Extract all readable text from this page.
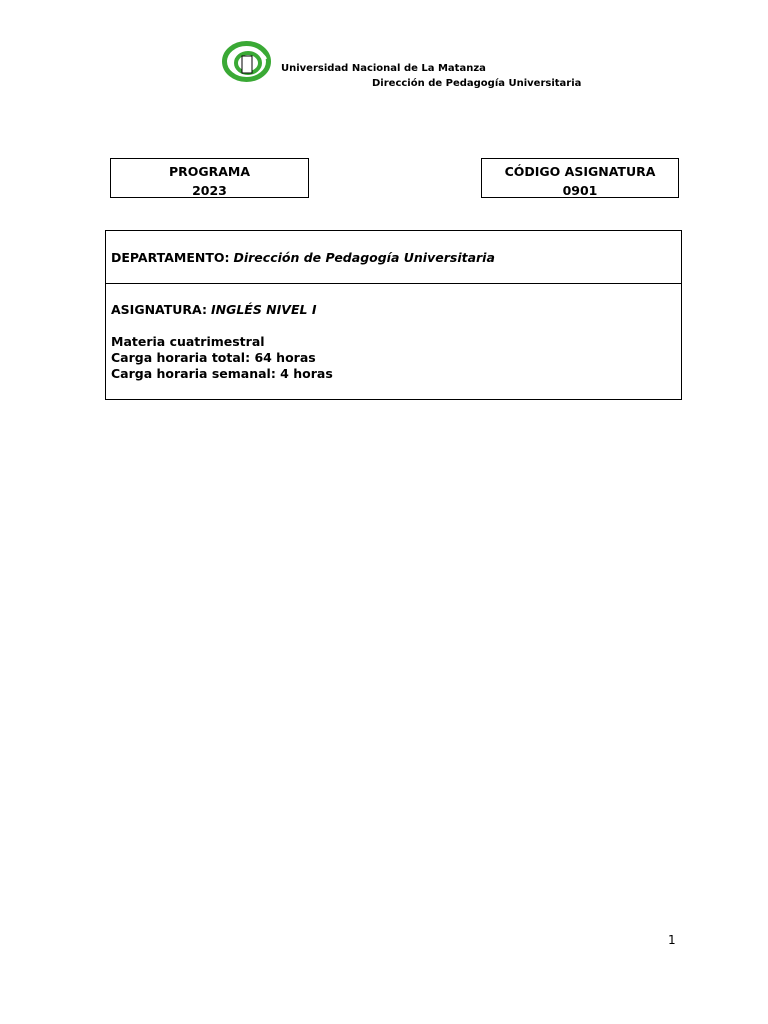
Universidad Nacional de La Matanza
Dirección de Pedagogía Universitaria
PROGRAMA
2023
CÓDIGO ASIGNATURA
0901
DEPARTAMENTO: Dirección de Pedagogía Universitaria
ASIGNATURA: INGLÉS NIVEL I
Materia cuatrimestral
Carga horaria total: 64 horas
Carga horaria semanal: 4 horas
1
